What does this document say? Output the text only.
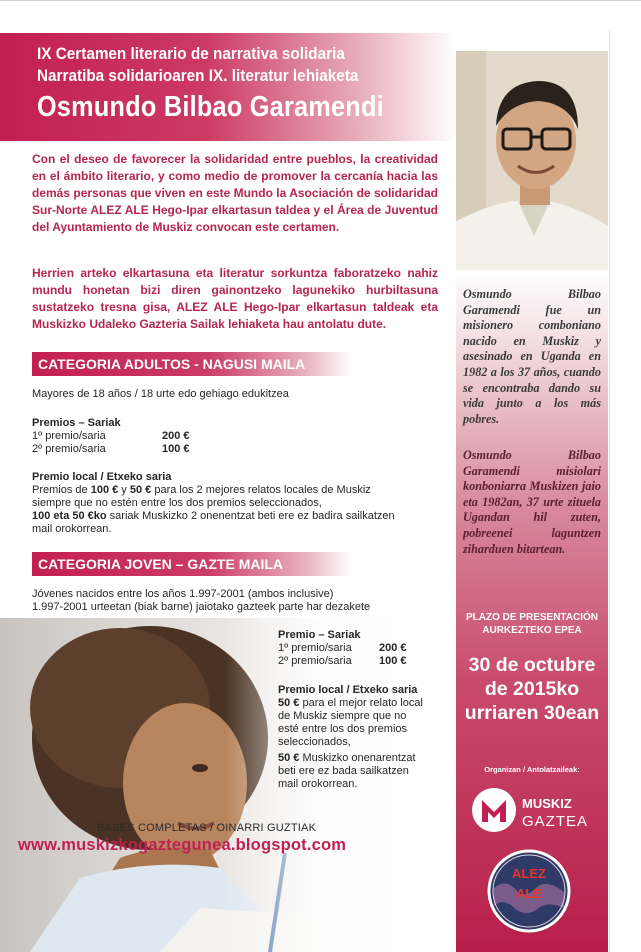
IX Certamen literario de narrativa solidaria
Narratiba solidarioaren IX. literatur lehiaketa
Osmundo Bilbao Garamendi
Osmundo Bilbao Garamendi fue un misionero comboniano nacido en Muskiz y asesinado en Uganda en 1982 a los 37 años, cuando se encontraba dando su vida junto a los más pobres.
Osmundo Bilbao Garamendi misiolari konboniarra Muskizen jaio eta 1982an, 37 urte zituela Ugandan hil zuten, pobreenei laguntzen ziharduen bitartean.
PLAZO DE PRESENTACIÓN
AURKEZTEKO EPEA
30 de octubre
de 2015ko
urriaren 30ean
Organizan / Antolatzaileak:
MUSKIZ
GAZTEA
ALEZ
ALE
Con el deseo de favorecer la solidaridad entre pueblos, la creatividad en el ámbito literario, y como medio de promover la cercanía hacia las demás personas que viven en este Mundo la Asociación de solidaridad Sur-Norte ALEZ ALE Hego-Ipar elkartasun taldea y el Área de Juventud del Ayuntamiento de Muskiz convocan este certamen.
Herrien arteko elkartasuna eta literatur sorkuntza faboratzeko nahiz mundu honetan bizi diren gainontzeko lagunekiko hurbiltasuna sustatzeko tresna gisa, ALEZ ALE Hego-Ipar elkartasun taldeak eta Muskizko Udaleko Gazteria Sailak lehiaketa hau antolatu dute.
CATEGORIA ADULTOS - NAGUSI MAILA
Mayores de 18 años / 18 urte edo gehiago edukitzea
Premios – Sariak
1º premio/saria	200 €
2º premio/saria	100 €
Premio local / Etxeko saria
Premios de 100 € y 50 € para los 2 mejores relatos locales de Muskiz
siempre que no estén entre los dos premios seleccionados,
100 eta 50 €ko sariak Muskizko 2 onenentzat beti ere ez badira sailkatzen
mail orokorrean.
CATEGORIA JOVEN – GAZTE MAILA
Jóvenes nacidos entre los años 1.997-2001 (ambos inclusive)
1.997-2001 urteetan (biak barne) jaiotako gazteek parte har dezakete
Premio – Sariak
1º premio/saria 200 €
2º premio/saria 100 €
Premio local / Etxeko saria
50 € para el mejor relato local
de Muskiz siempre que no
esté entre los dos premios
seleccionados,
50 € Muskizko onenarentzat
beti ere ez bada sailkatzen
mail orokorrean.
BASES COMPLETAS / OINARRI GUZTIAK
www.muskizkogaztegunea.blogspot.com
